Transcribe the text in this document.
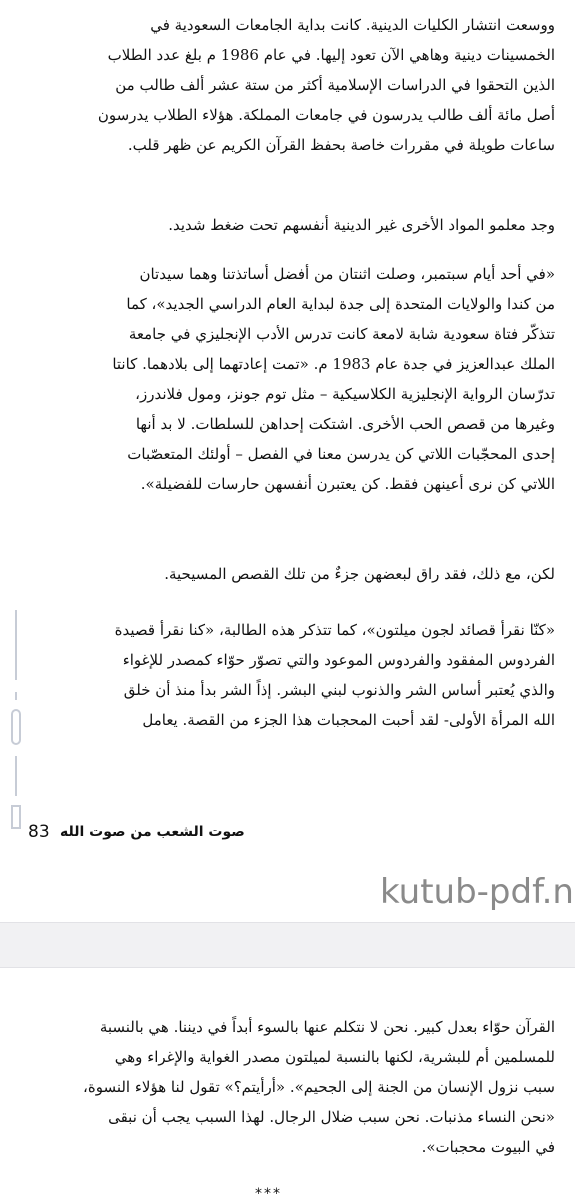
ووسعت انتشار الكليات الدينية. كانت بداية الجامعات السعودية في
الخمسينات دينية وهاهي الآن تعود إليها. في عام 1986 م بلغ عدد الطلاب
الذين التحقوا في الدراسات الإسلامية أكثر من ستة عشر ألف طالب من
أصل مائة ألف طالب يدرسون في جامعات المملكة. هؤلاء الطلاب يدرسون
ساعات طويلة في مقررات خاصة بحفظ القرآن الكريم عن ظهر قلب.
وجد معلمو المواد الأخرى غير الدينية أنفسهم تحت ضغط شديد.
«في أحد أيام سبتمبر، وصلت اثنتان من أفضل أساتذتنا وهما سيدتان
من كندا والولايات المتحدة إلى جدة لبداية العام الدراسي الجديد»، كما
تتذكّر فتاة سعودية شابة لامعة كانت تدرس الأدب الإنجليزي في جامعة
الملك عبدالعزيز في جدة عام 1983 م. «تمت إعادتهما إلى بلادهما. كانتا
تدرّسان الرواية الإنجليزية الكلاسيكية – مثل توم جونز، ومول فلاندرز،
وغيرها من قصص الحب الأخرى. اشتكت إحداهن للسلطات. لا بد أنها
إحدى المحجّبات اللاتي كن يدرسن معنا في الفصل – أولئك المتعصّبات
اللاتي كن نرى أعينهن فقط. كن يعتبرن أنفسهن حارسات للفضيلة».
لكن، مع ذلك، فقد راق لبعضهن جزءٌ من تلك القصص المسيحية.
«كنّا نقرأ قصائد لجون ميلتون»، كما تتذكر هذه الطالبة، «كنا نقرأ قصيدة
الفردوس المفقود والفردوس الموعود والتي تصوّر حوّاء كمصدر للإغواء
والذي يُعتبر أساس الشر والذنوب لبني البشر. إذاً الشر بدأ منذ أن خلق
الله المرأة الأولى- لقد أحبت المحجبات هذا الجزء من القصة. يعامل
83 صوت الشعب من صوت الله
kutub-pdf.n
القرآن حوّاء بعدل كبير. نحن لا نتكلم عنها بالسوء أبداً في ديننا. هي بالنسبة
للمسلمين أم للبشرية، لكنها بالنسبة لميلتون مصدر الغواية والإغراء وهي
سبب نزول الإنسان من الجنة إلى الجحيم». «أرأيتم؟» تقول لنا هؤلاء النسوة،
«نحن النساء مذنبات. نحن سبب ضلال الرجال. لهذا السبب يجب أن نبقى
في البيوت محجبات».
***
